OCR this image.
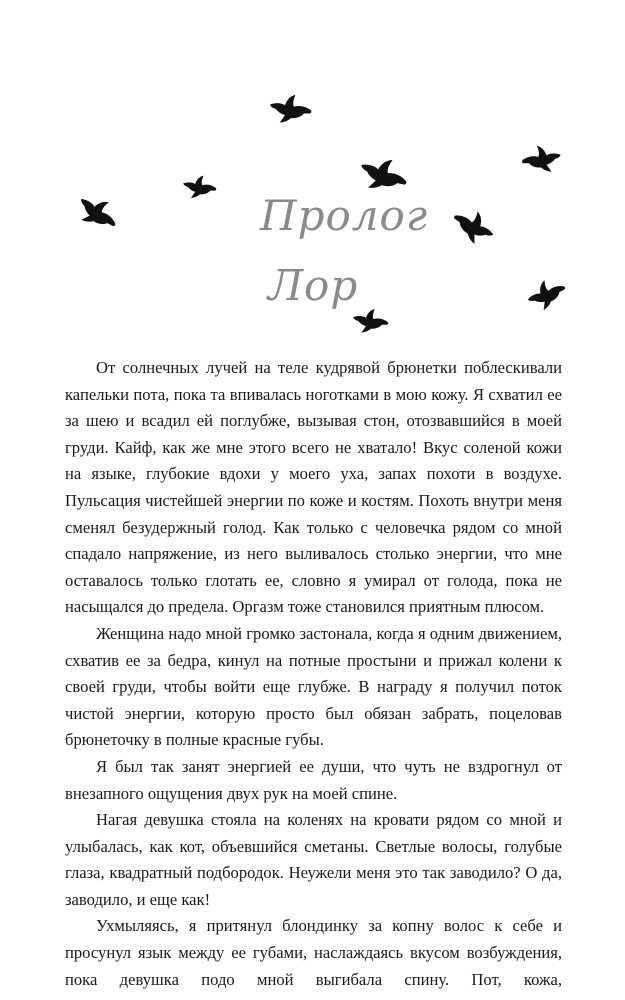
Пролог
Лор

От солнечных лучей на теле кудрявой брюнетки поблескивали капельки пота, пока та впивалась ноготками в мою кожу. Я схватил ее за шею и всадил ей поглубже, вызывая стон, отозвавшийся в моей груди. Кайф, как же мне этого всего не хватало! Вкус соленой кожи на языке, глубокие вдохи у моего уха, запах похоти в воздухе. Пульсация чистейшей энергии по коже и костям. Похоть внутри меня сменял безудержный голод. Как только с человечка рядом со мной спадало напряжение, из него выливалось столько энергии, что мне оставалось только глотать ее, словно я умирал от голода, пока не насыщался до предела. Оргазм тоже становился приятным плюсом.

Женщина надо мной громко застонала, когда я одним движением, схватив ее за бедра, кинул на потные простыни и прижал колени к своей груди, чтобы войти еще глубже. В награду я получил поток чистой энергии, которую просто был обязан забрать, поцеловав брюнеточку в полные красные губы.

Я был так занят энергией ее души, что чуть не вздрогнул от внезапного ощущения двух рук на моей спине.

Нагая девушка стояла на коленях на кровати рядом со мной и улыбалась, как кот, объевшийся сметаны. Светлые волосы, голубые глаза, квадратный подбородок. Неужели меня это так заводило? О да, заводило, и еще как!

Ухмыляясь, я притянул блондинку за копну волос к себе и просунул язык между ее губами, наслаждаясь вкусом возбуждения, пока девушка подо мной выгибала спину. Пот, кожа,
